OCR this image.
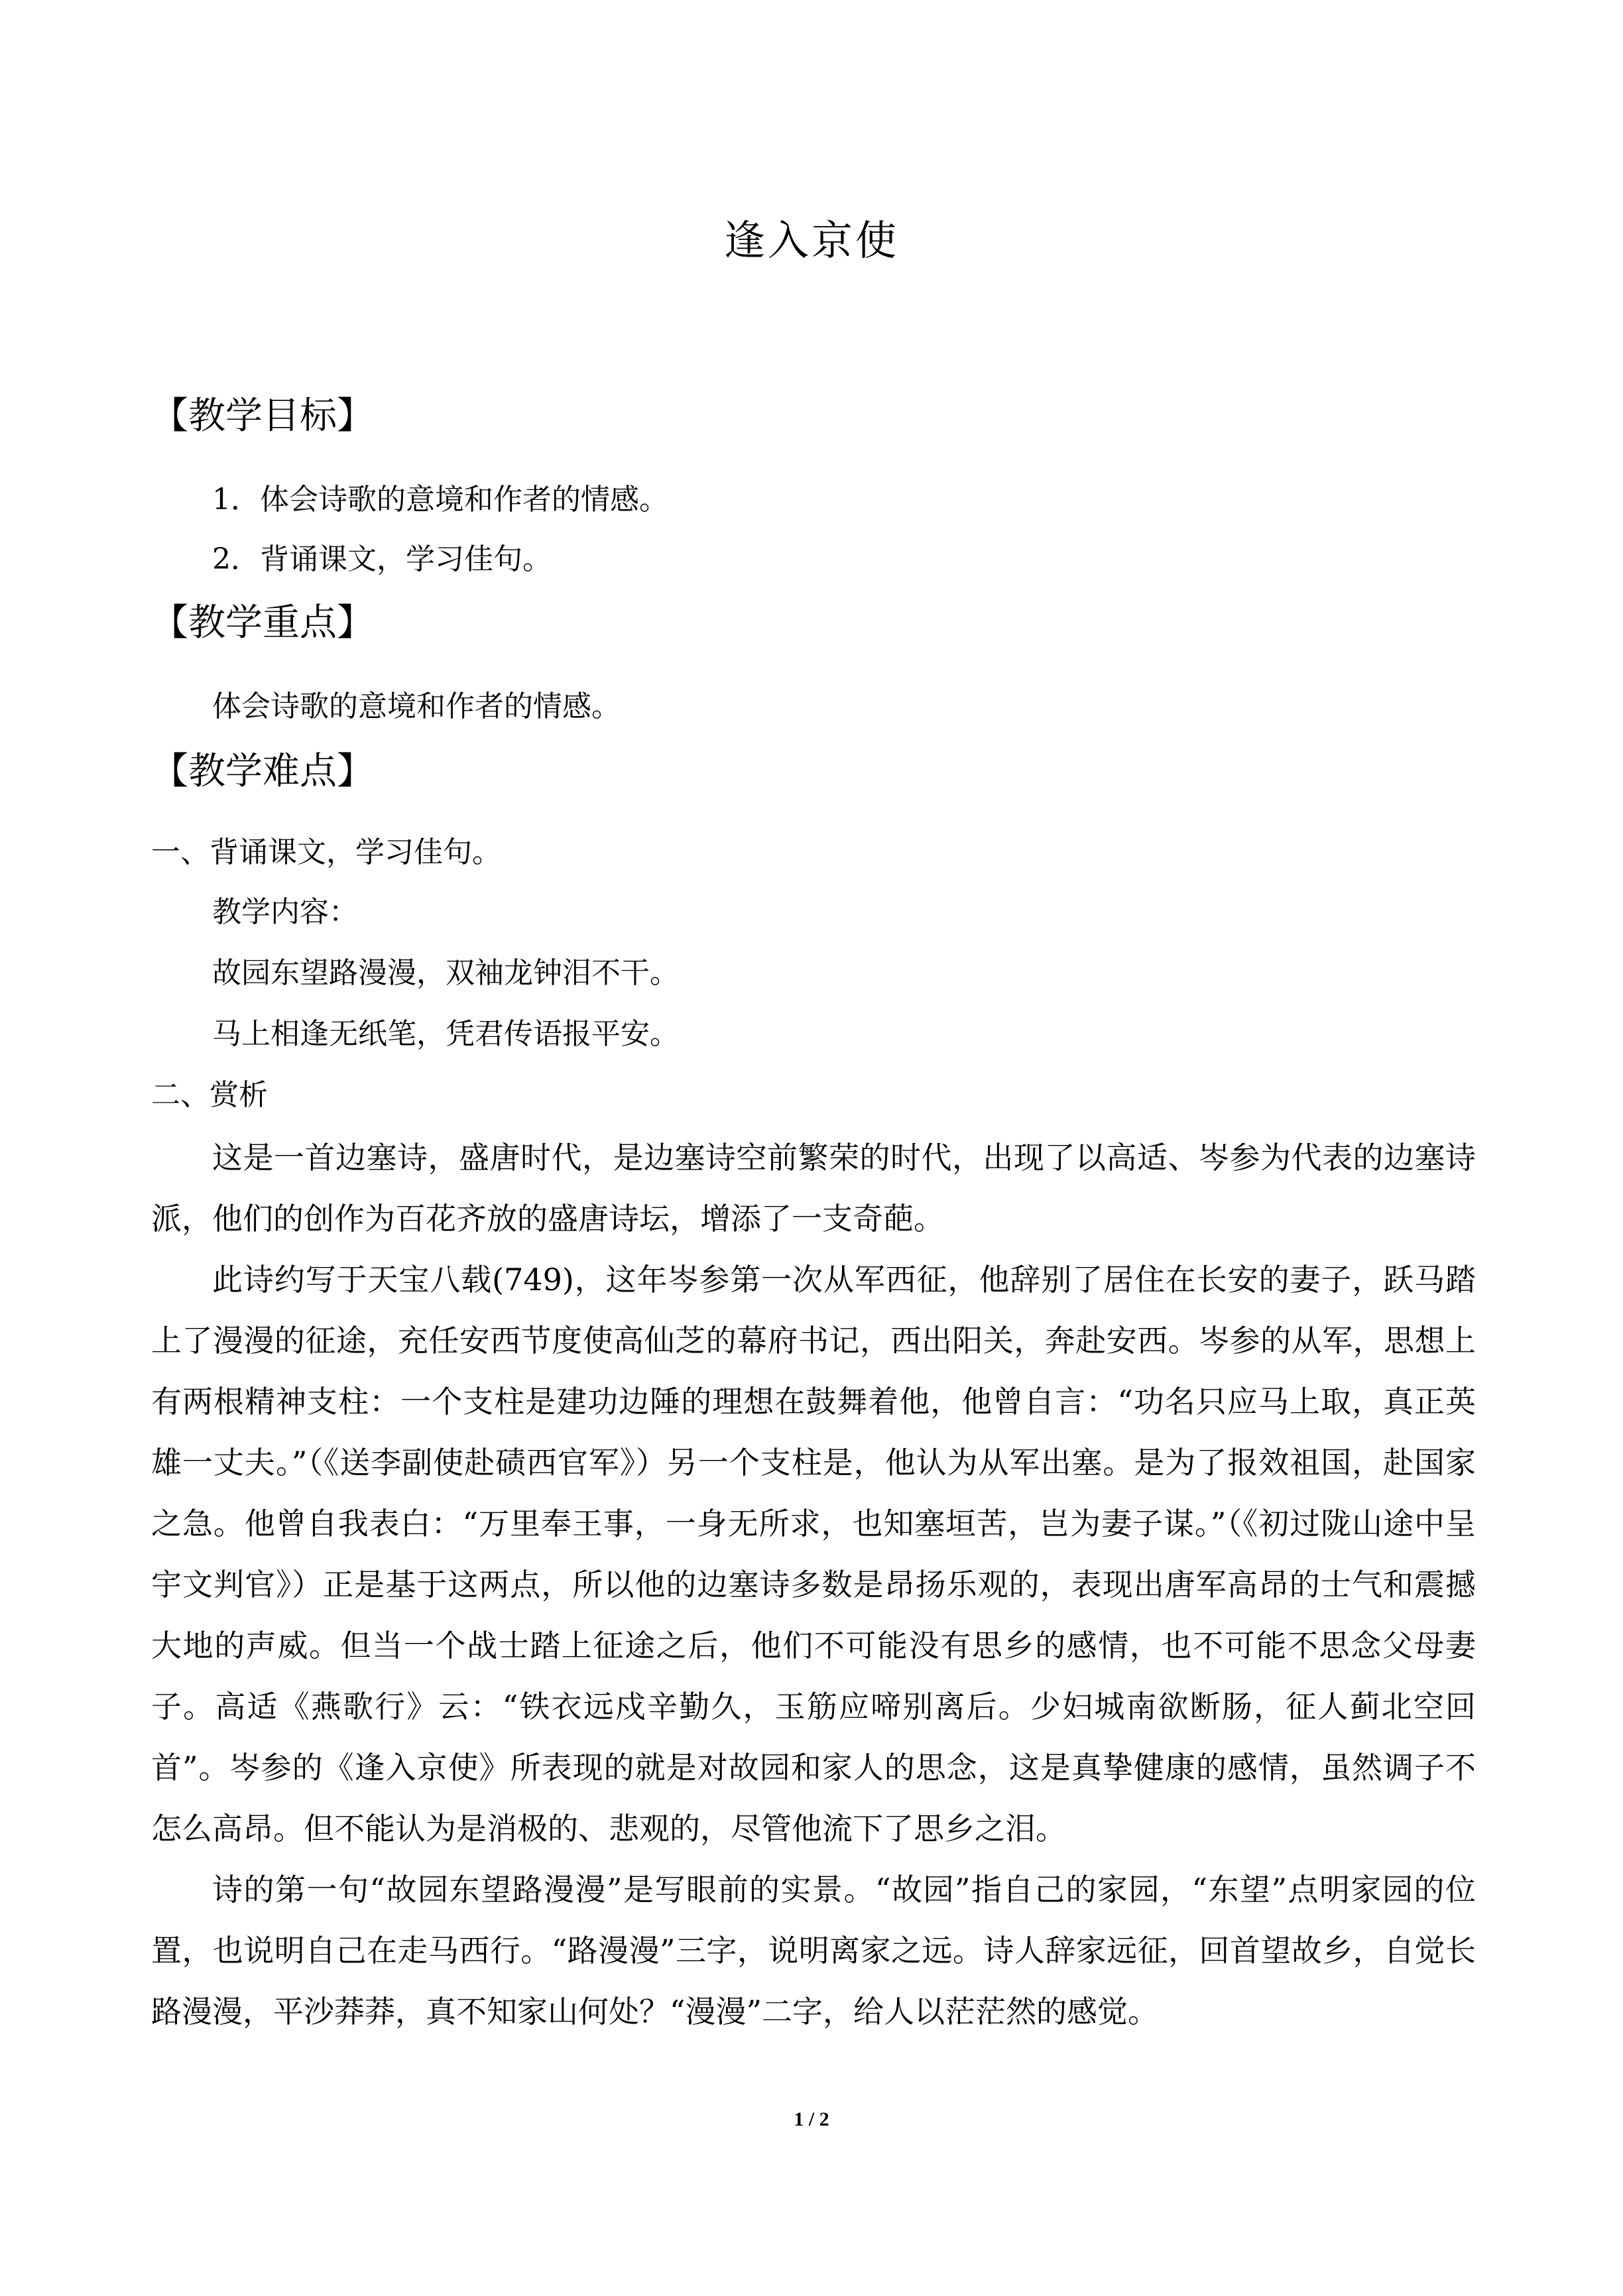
逢入京使
【教学目标】
1．体会诗歌的意境和作者的情感。
2．背诵课文，学习佳句。
【教学重点】
体会诗歌的意境和作者的情感。
【教学难点】
一、背诵课文，学习佳句。
教学内容：
故园东望路漫漫，双袖龙钟泪不干。
马上相逢无纸笔，凭君传语报平安。
二、赏析
这是一首边塞诗，盛唐时代，是边塞诗空前繁荣的时代，出现了以高适、岑参为代表的边塞诗派，他们的创作为百花齐放的盛唐诗坛，增添了一支奇葩。
此诗约写于天宝八载(749)，这年岑参第一次从军西征，他辞别了居住在长安的妻子，跃马踏上了漫漫的征途，充任安西节度使高仙芝的幕府书记，西出阳关，奔赴安西。岑参的从军，思想上有两根精神支柱：一个支柱是建功边陲的理想在鼓舞着他，他曾自言：“功名只应马上取，真正英雄一丈夫。”（《送李副使赴碛西官军》）另一个支柱是，他认为从军出塞。是为了报效祖国，赴国家之急。他曾自我表白：“万里奉王事，一身无所求，也知塞垣苦，岂为妻子谋。”（《初过陇山途中呈宇文判官》）正是基于这两点，所以他的边塞诗多数是昂扬乐观的，表现出唐军高昂的士气和震撼大地的声威。但当一个战士踏上征途之后，他们不可能没有思乡的感情，也不可能不思念父母妻子。高适《燕歌行》云：“铁衣远戍辛勤久，玉筋应啼别离后。少妇城南欲断肠，征人蓟北空回首”。岑参的《逢入京使》所表现的就是对故园和家人的思念，这是真挚健康的感情，虽然调子不怎么高昂。但不能认为是消极的、悲观的，尽管他流下了思乡之泪。
诗的第一句“故园东望路漫漫”是写眼前的实景。“故园”指自己的家园，“东望”点明家园的位置，也说明自己在走马西行。“路漫漫”三字，说明离家之远。诗人辞家远征，回首望故乡，自觉长路漫漫，平沙莽莽，真不知家山何处？“漫漫”二字，给人以茫茫然的感觉。
1 / 2
